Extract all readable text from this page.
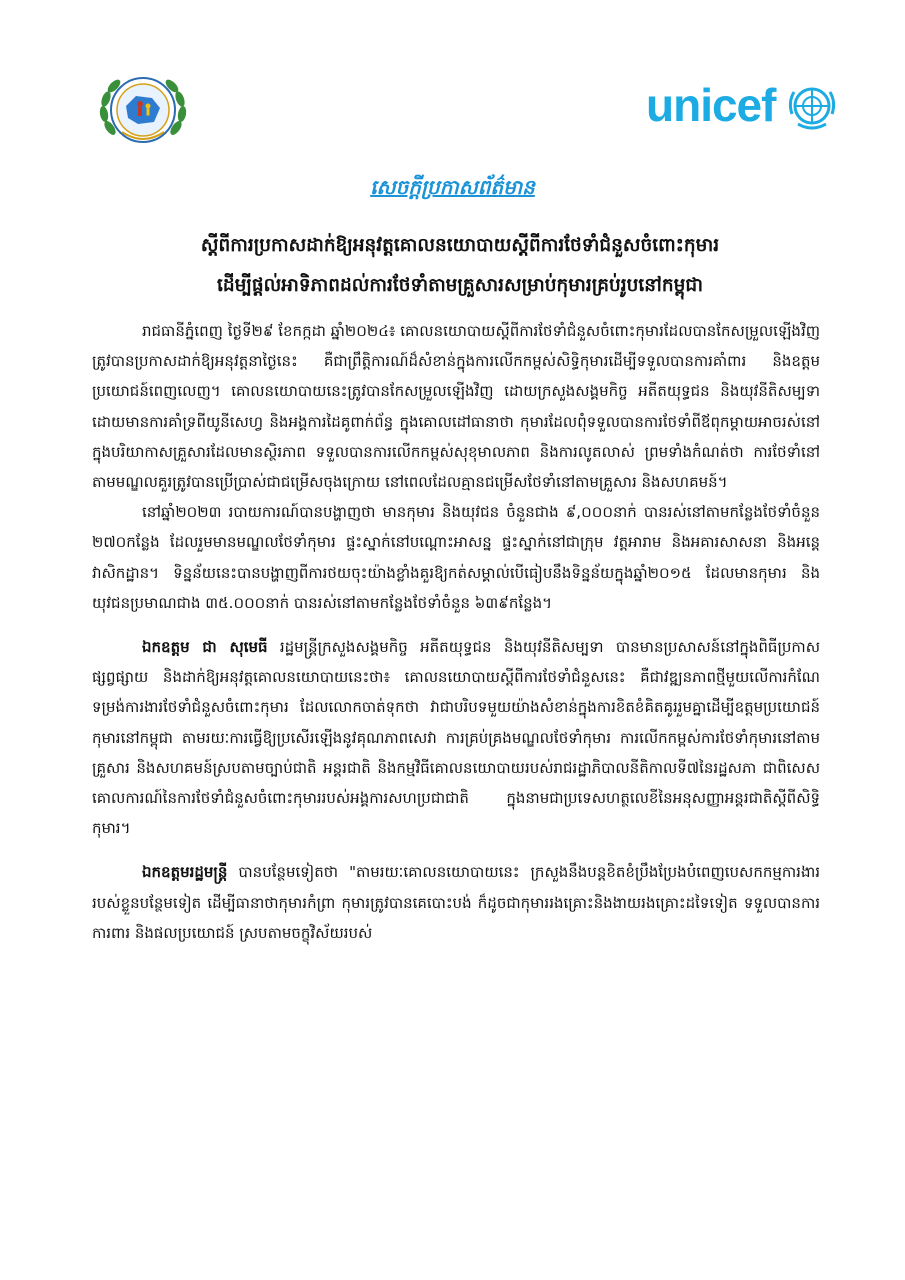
unicef
សេចក្ដីប្រកាសព័ត៌មាន

ស្ដីពីការប្រកាសដាក់ឱ្យអនុវត្តគោលនយោបាយស្ដីពីការថែទាំជំនួសចំពោះកុមារ

ដើម្បីផ្ដល់អាទិភាពដល់ការថែទាំតាមគ្រួសារសម្រាប់កុមារគ្រប់រូបនៅកម្ពុជា

រាជធានីភ្នំពេញ ថ្ងៃទី២៩ ខែកក្កដា ឆ្នាំ២០២៤៖ គោលនយោបាយស្ដីពីការថែទាំជំនួសចំពោះកុមារដែលបានកែសម្រួលឡើងវិញ ត្រូវបានប្រកាសដាក់ឱ្យអនុវត្តនាថ្ងៃនេះ គឺជាព្រឹត្តិការណ៍ដ៏សំខាន់ក្នុងការលើកកម្ពស់សិទ្ធិកុមារដើម្បីទទួលបានការគាំពារ និងឧត្តមប្រយោជន៍ពេញលេញ។ គោលនយោបាយនេះត្រូវបានកែសម្រួលឡើងវិញ ដោយក្រសួងសង្គមកិច្ច អតីតយុទ្ធជន និងយុវនីតិសម្បទា ដោយមានការគាំទ្រពីយូនីសេហ្វ និងអង្គការដៃគូពាក់ព័ន្ធ ក្នុងគោលដៅធានាថា កុមារដែលពុំទទួលបានការថែទាំពីឪពុកម្ដាយអាចរស់នៅក្នុងបរិយាកាសគ្រួសារដែលមានស្ថិរភាព ទទួលបានការលើកកម្ពស់សុខុមាលភាព និងការលូតលាស់ ព្រមទាំងកំណត់ថា ការថែទាំនៅតាមមណ្ឌលគួរត្រូវបានប្រើប្រាស់ជាជម្រើសចុងក្រោយ នៅពេលដែលគ្មានជម្រើសថែទាំនៅតាមគ្រួសារ និងសហគមន៍។

នៅឆ្នាំ២០២៣ របាយការណ៍បានបង្ហាញថា មានកុមារ និងយុវជន ចំនួនជាង ៩,០០០នាក់ បានរស់នៅតាមកន្លែងថែទាំចំនួន ២៧០កន្លែង ដែលរួមមានមណ្ឌលថែទាំកុមារ ផ្ទះស្នាក់នៅបណ្ដោះអាសន្ន ផ្ទះស្នាក់នៅជាក្រុម វត្តអារាម និងអគារសាសនា និងអន្តេវាសិកដ្ឋាន។ ទិន្នន័យនេះបានបង្ហាញពីការថយចុះយ៉ាងខ្លាំងគួរឱ្យកត់សម្គាល់បើធៀបនឹងទិន្នន័យក្នុងឆ្នាំ២០១៥ ដែលមានកុមារ និងយុវជនប្រមាណជាង ៣៥.០០០នាក់ បានរស់នៅតាមកន្លែងថែទាំចំនួន ៦៣៩កន្លែង។

ឯកឧត្តម ជា សុមេធី រដ្ឋមន្ត្រីក្រសួងសង្គមកិច្ច អតីតយុទ្ធជន និងយុវនីតិសម្បទា បានមានប្រសាសន៍នៅក្នុងពិធីប្រកាសផ្សព្វផ្សាយ និងដាក់ឱ្យអនុវត្តគោលនយោបាយនេះថា៖ គោលនយោបាយស្ដីពីការថែទាំជំនួសនេះ គឺជាវឌ្ឍនភាពថ្មីមួយលើការកំណែទម្រង់ការងារថែទាំជំនួសចំពោះកុមារ ដែលលោកចាត់ទុកថា វាជាបរិបទមួយយ៉ាងសំខាន់ក្នុងការខិតខំគិតគូររួមគ្នាដើម្បីឧត្តមប្រយោជន៍កុមារនៅកម្ពុជា តាមរយៈការធ្វើឱ្យប្រសើរឡើងនូវគុណភាពសេវា ការគ្រប់គ្រងមណ្ឌលថែទាំកុមារ ការលើកកម្ពស់ការថែទាំកុមារនៅតាមគ្រួសារ និងសហគមន៍ស្របតាមច្បាប់ជាតិ អន្តរជាតិ និងកម្មវិធីគោលនយោបាយរបស់រាជរដ្ឋាភិបាលនីតិកាលទី៧នៃរដ្ឋសភា ជាពិសេសគោលការណ៍នៃការថែទាំជំនួសចំពោះកុមាររបស់អង្គការសហប្រជាជាតិ ក្នុងនាមជាប្រទេសហត្ថលេខីនៃអនុសញ្ញាអន្តរជាតិស្ដីពីសិទ្ធិកុមារ។

ឯកឧត្តមរដ្ឋមន្ត្រី បានបន្ថែមទៀតថា "តាមរយៈគោលនយោបាយនេះ ក្រសួងនឹងបន្តខិតខំប្រឹងប្រែងបំពេញបេសកកម្មការងាររបស់ខ្លួនបន្ថែមទៀត ដើម្បីធានាថាកុមារកំព្រា កុមារត្រូវបានគេបោះបង់ ក៏ដូចជាកុមាររងគ្រោះនិងងាយរងគ្រោះដទៃទៀត ទទួលបានការការពារ និងផលប្រយោជន៍ ស្របតាមចក្ខុវិស័យរបស់
